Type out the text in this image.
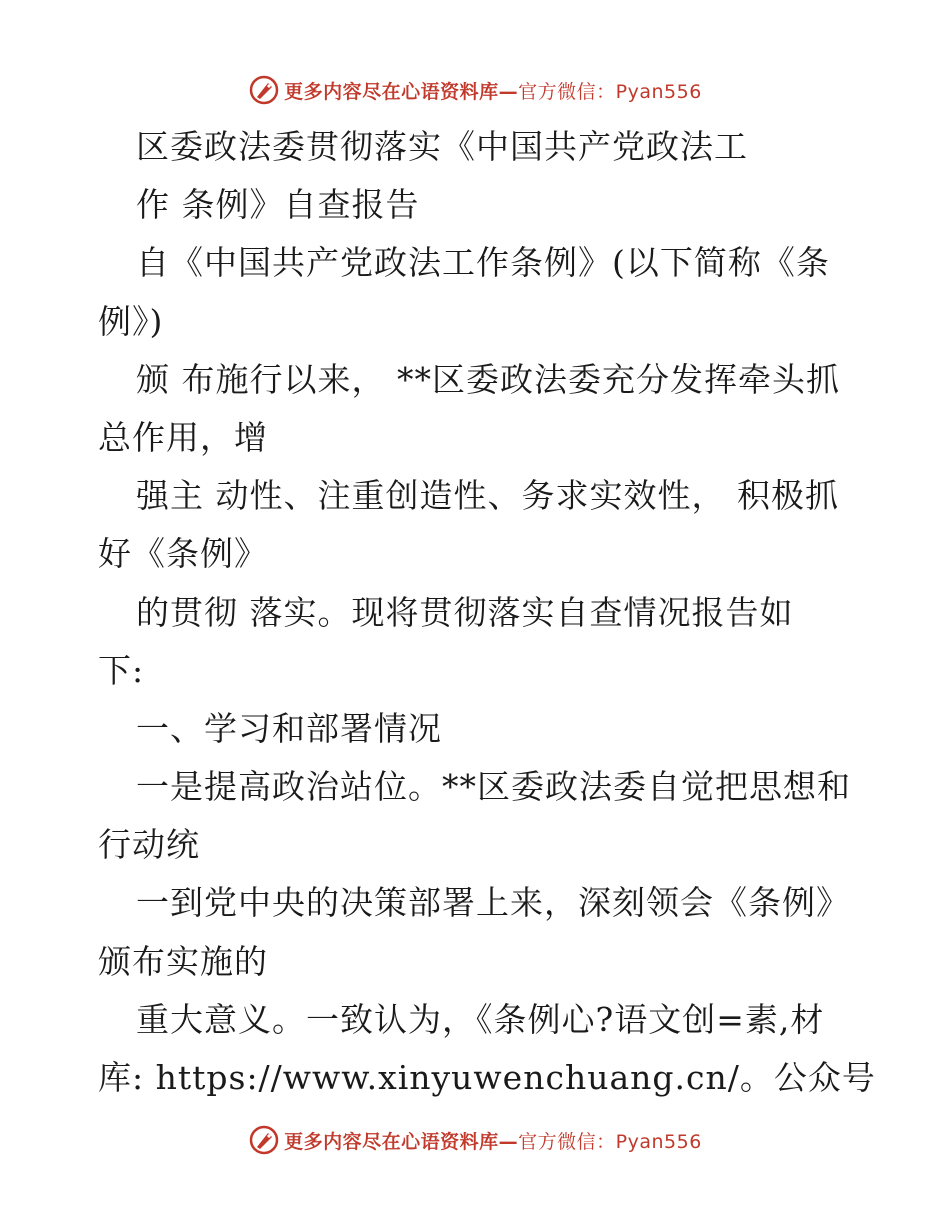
更多内容尽在心语资料库—官方微信：Pyan556
区委政法委贯彻落实《中国共产党政法工
作 条例》自查报告
自《中国共产党政法工作条例》(以下简称《条
例》)
颁 布施行以来， **区委政法委充分发挥牵头抓
总作用，增
强主 动性、注重创造性、务求实效性， 积极抓
好《条例》
的贯彻 落实。现将贯彻落实自查情况报告如
下:
一、学习和部署情况
一是提高政治站位。**区委政法委自觉把思想和
行动统
一到党中央的决策部署上来，深刻领会《条例》
颁布实施的
重大意义。一致认为，《条例心?语文创=素,材
库: https://www.xinyuwenchuang.cn/。公众号
更多内容尽在心语资料库—官方微信：Pyan556
